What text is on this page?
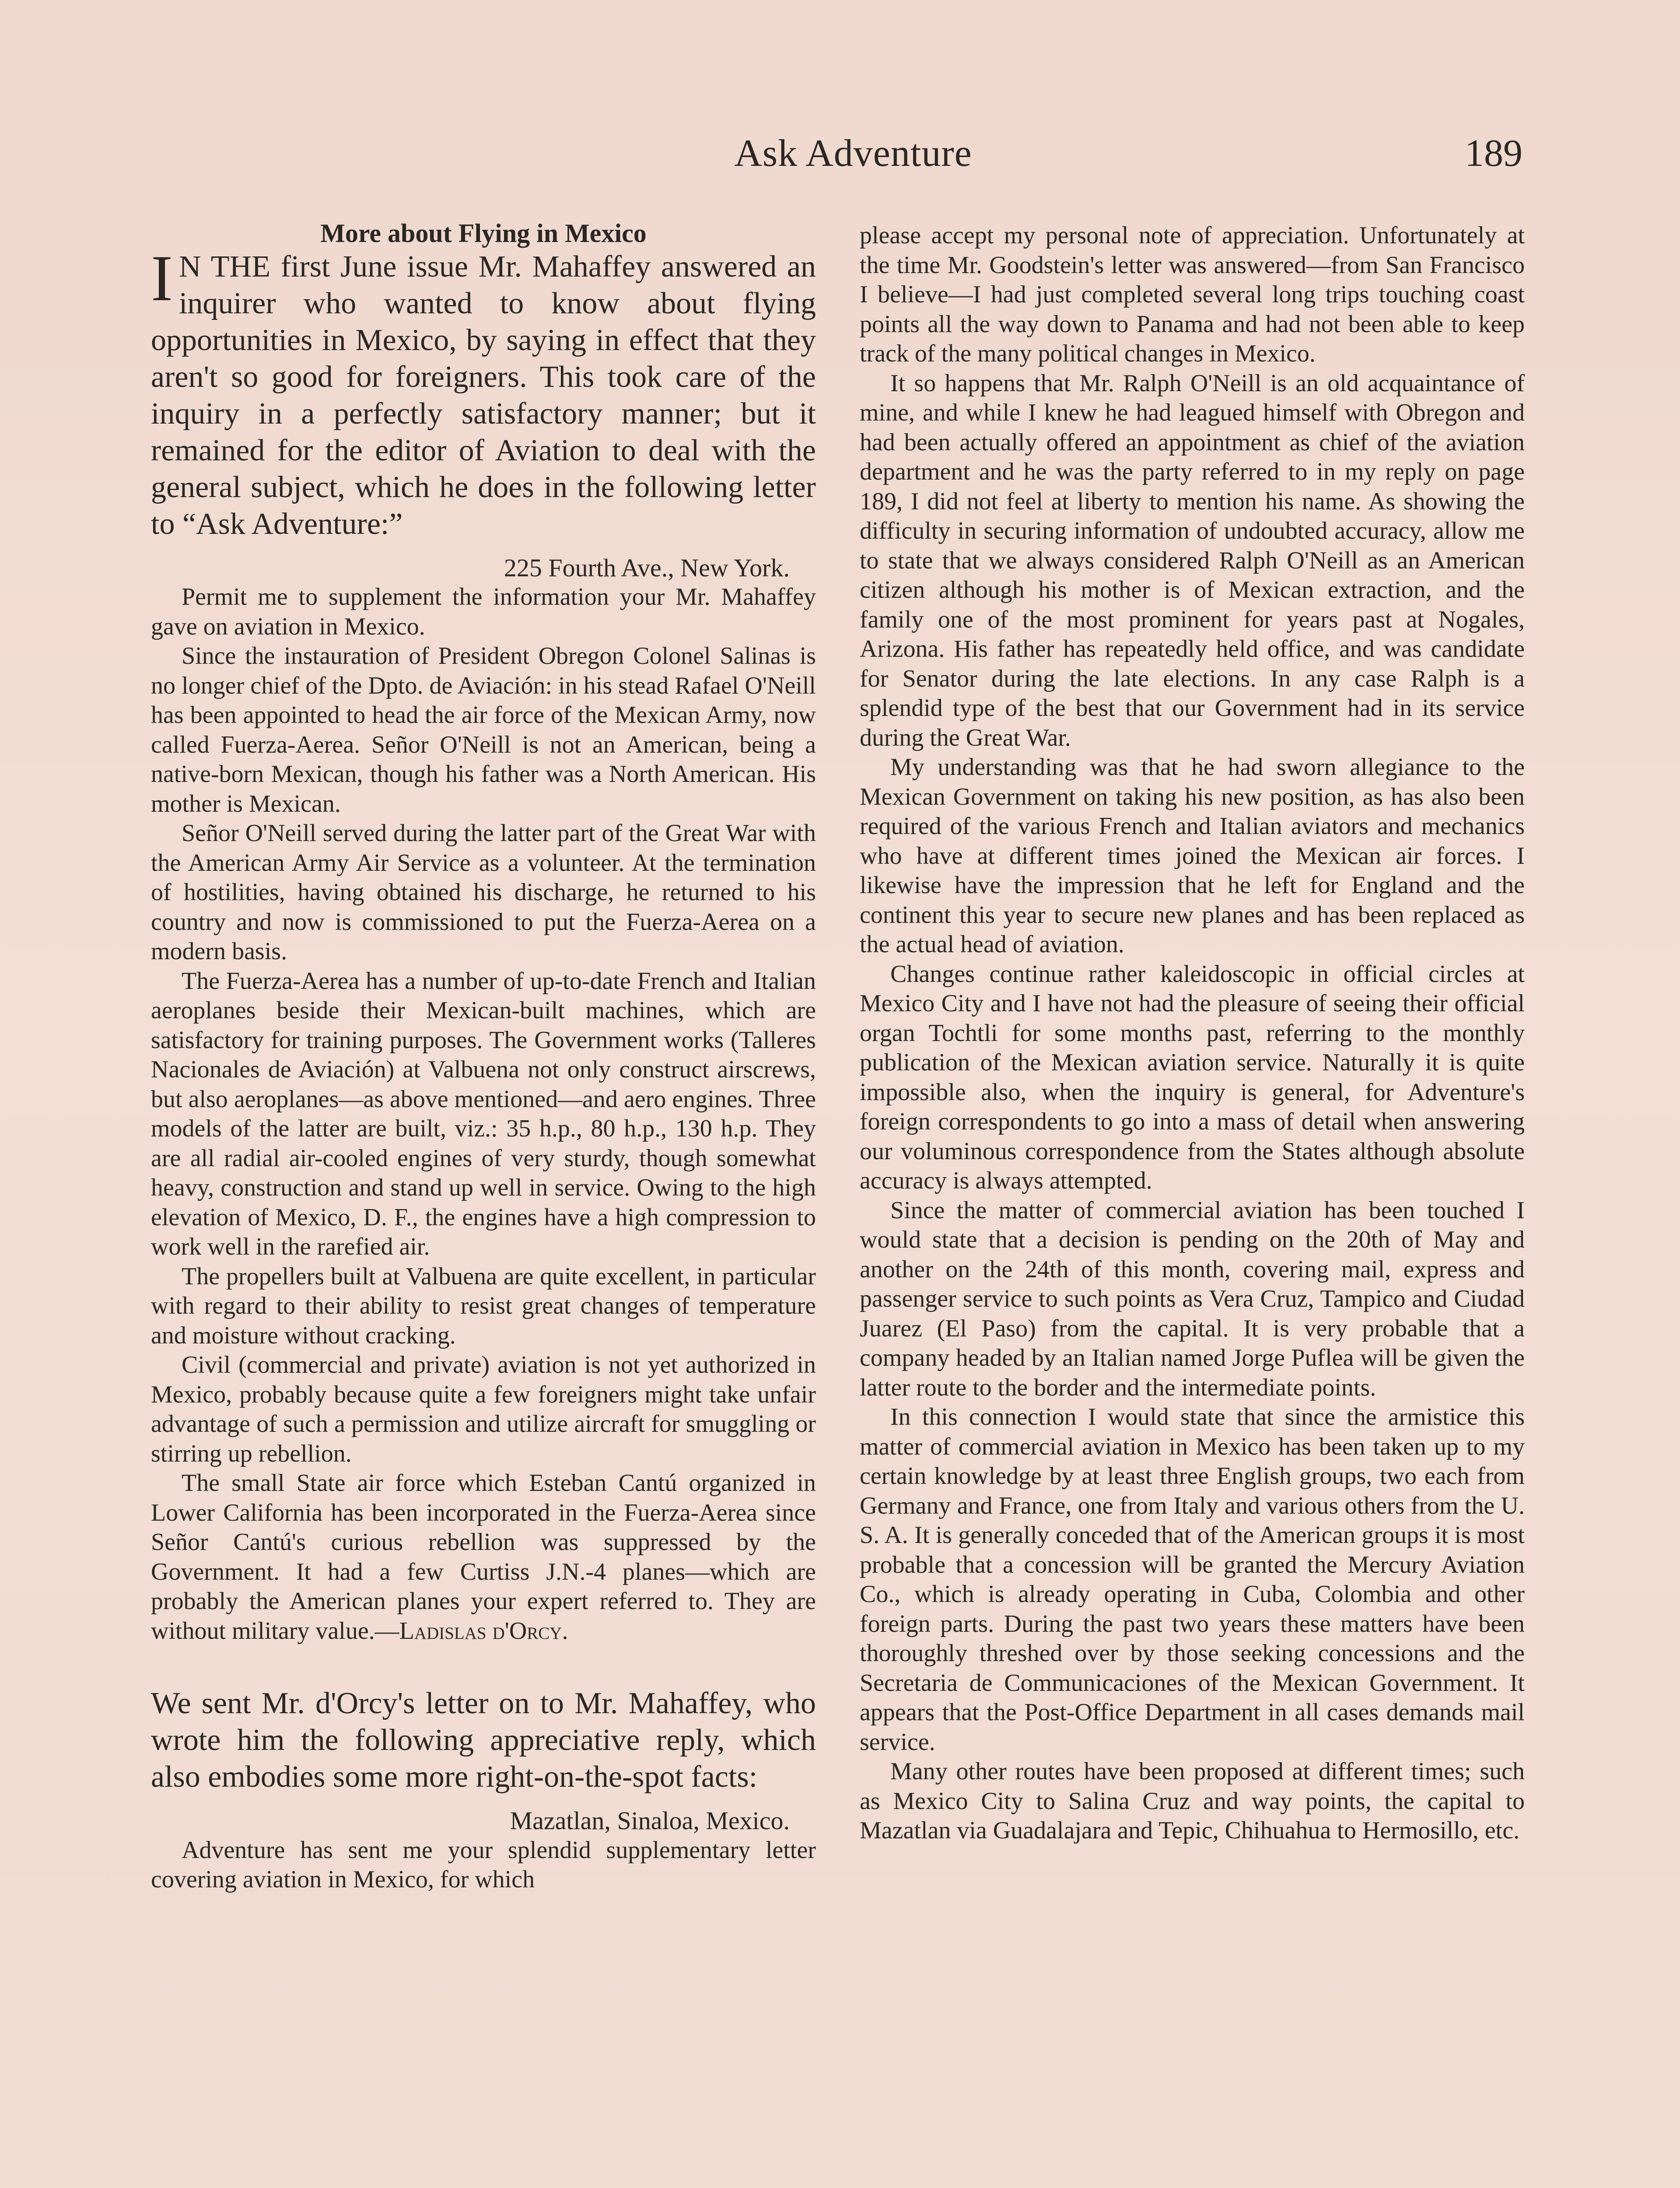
Ask Adventure	189

More about Flying in Mexico

I N THE first June issue Mr. Mahaffey answered an inquirer who wanted to know about flying opportunities in Mexico, by saying in effect that they aren't so good for foreigners. This took care of the inquiry in a perfectly satisfactory manner; but it remained for the editor of Aviation to deal with the general subject, which he does in the following letter to “Ask Adventure:”

225 Fourth Ave., New York.

Permit me to supplement the information your Mr. Mahaffey gave on aviation in Mexico.

Since the instauration of President Obregon Colonel Salinas is no longer chief of the Dpto. de Aviación: in his stead Rafael O'Neill has been appointed to head the air force of the Mexican Army, now called Fuerza-Aerea. Señor O'Neill is not an American, being a native-born Mexican, though his father was a North American. His mother is Mexican.

Señor O'Neill served during the latter part of the Great War with the American Army Air Service as a volunteer. At the termination of hostilities, having obtained his discharge, he returned to his country and now is commissioned to put the Fuerza-Aerea on a modern basis.

The Fuerza-Aerea has a number of up-to-date French and Italian aeroplanes beside their Mexican-built machines, which are satisfactory for training purposes. The Government works (Talleres Nacionales de Aviación) at Valbuena not only construct airscrews, but also aeroplanes—as above mentioned—and aero engines. Three models of the latter are built, viz.: 35 h.p., 80 h.p., 130 h.p. They are all radial air-cooled engines of very sturdy, though somewhat heavy, construction and stand up well in service. Owing to the high elevation of Mexico, D. F., the engines have a high compression to work well in the rarefied air.

The propellers built at Valbuena are quite excellent, in particular with regard to their ability to resist great changes of temperature and moisture without cracking.

Civil (commercial and private) aviation is not yet authorized in Mexico, probably because quite a few foreigners might take unfair advantage of such a permission and utilize aircraft for smuggling or stirring up rebellion.

The small State air force which Esteban Cantú organized in Lower California has been incorporated in the Fuerza-Aerea since Señor Cantú's curious rebellion was suppressed by the Government. It had a few Curtiss J.N.-4 planes—which are probably the American planes your expert referred to. They are without military value.—Ladislas d'Orcy.

We sent Mr. d'Orcy's letter on to Mr. Mahaffey, who wrote him the following appreciative reply, which also embodies some more right-on-the-spot facts:

Mazatlan, Sinaloa, Mexico.

Adventure has sent me your splendid supplementary letter covering aviation in Mexico, for which

please accept my personal note of appreciation. Unfortunately at the time Mr. Goodstein's letter was answered—from San Francisco I believe—I had just completed several long trips touching coast points all the way down to Panama and had not been able to keep track of the many political changes in Mexico.

It so happens that Mr. Ralph O'Neill is an old acquaintance of mine, and while I knew he had leagued himself with Obregon and had been actually offered an appointment as chief of the aviation department and he was the party referred to in my reply on page 189, I did not feel at liberty to mention his name. As showing the difficulty in securing information of undoubted accuracy, allow me to state that we always considered Ralph O'Neill as an American citizen although his mother is of Mexican extraction, and the family one of the most prominent for years past at Nogales, Arizona. His father has repeatedly held office, and was candidate for Senator during the late elections. In any case Ralph is a splendid type of the best that our Government had in its service during the Great War.

My understanding was that he had sworn allegiance to the Mexican Government on taking his new position, as has also been required of the various French and Italian aviators and mechanics who have at different times joined the Mexican air forces. I likewise have the impression that he left for England and the continent this year to secure new planes and has been replaced as the actual head of aviation.

Changes continue rather kaleidoscopic in official circles at Mexico City and I have not had the pleasure of seeing their official organ Tochtli for some months past, referring to the monthly publication of the Mexican aviation service. Naturally it is quite impossible also, when the inquiry is general, for Adventure's foreign correspondents to go into a mass of detail when answering our voluminous correspondence from the States although absolute accuracy is always attempted.

Since the matter of commercial aviation has been touched I would state that a decision is pending on the 20th of May and another on the 24th of this month, covering mail, express and passenger service to such points as Vera Cruz, Tampico and Ciudad Juarez (El Paso) from the capital. It is very probable that a company headed by an Italian named Jorge Puflea will be given the latter route to the border and the intermediate points.

In this connection I would state that since the armistice this matter of commercial aviation in Mexico has been taken up to my certain knowledge by at least three English groups, two each from Germany and France, one from Italy and various others from the U. S. A. It is generally conceded that of the American groups it is most probable that a concession will be granted the Mercury Aviation Co., which is already operating in Cuba, Colombia and other foreign parts. During the past two years these matters have been thoroughly threshed over by those seeking concessions and the Secretaria de Communicaciones of the Mexican Government. It appears that the Post-Office Department in all cases demands mail service.

Many other routes have been proposed at different times; such as Mexico City to Salina Cruz and way points, the capital to Mazatlan via Guadalajara and Tepic, Chihuahua to Hermosillo, etc.
